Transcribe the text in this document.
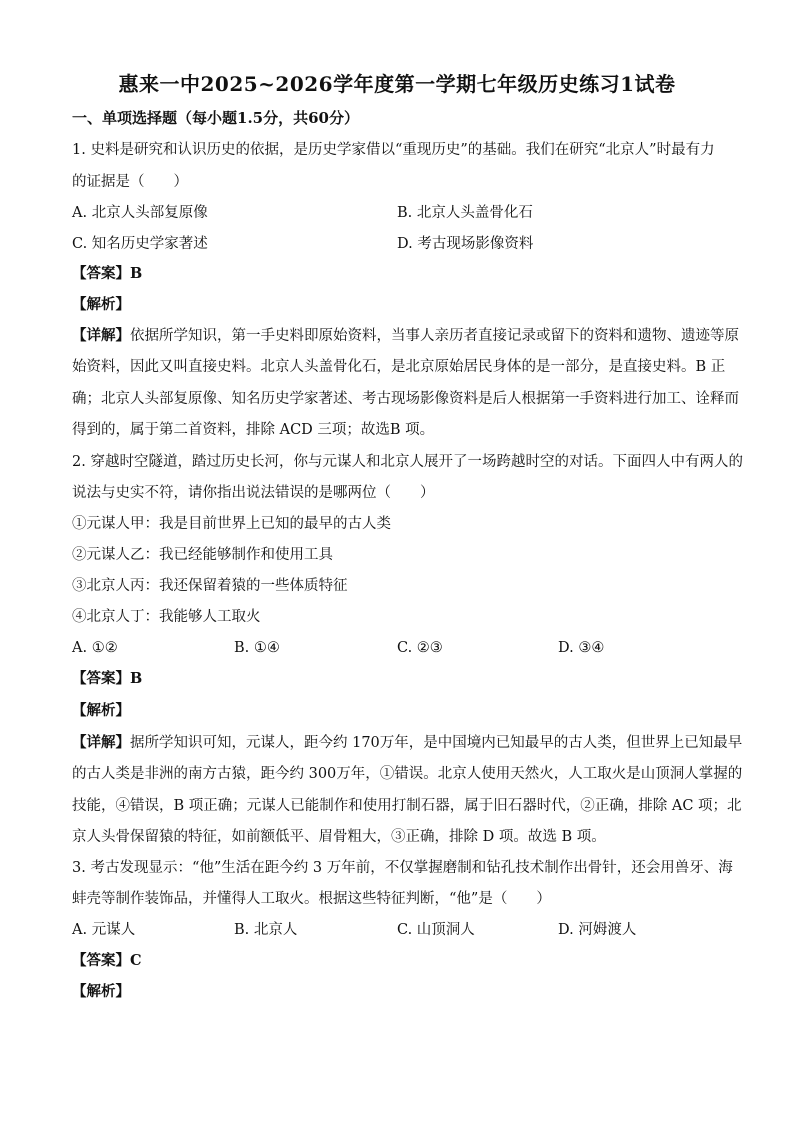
惠来一中2025~2026学年度第一学期七年级历史练习1试卷
一、单项选择题（每小题1.5分，共60分）
1. 史料是研究和认识历史的依据，是历史学家借以“重现历史”的基础。我们在研究“北京人”时最有力
的证据是（　　）
A. 北京人头部复原像	B. 北京人头盖骨化石
C. 知名历史学家著述	D. 考古现场影像资料
【答案】B
【解析】
【详解】依据所学知识，第一手史料即原始资料，当事人亲历者直接记录或留下的资料和遗物、遗迹等原
始资料，因此又叫直接史料。北京人头盖骨化石，是北京原始居民身体的是一部分，是直接史料。B 正
确；北京人头部复原像、知名历史学家著述、考古现场影像资料是后人根据第一手资料进行加工、诠释而
得到的，属于第二首资料，排除 ACD 三项；故选B 项。
2. 穿越时空隧道，踏过历史长河，你与元谋人和北京人展开了一场跨越时空的对话。下面四人中有两人的
说法与史实不符，请你指出说法错误的是哪两位（　　）
①元谋人甲：我是目前世界上已知的最早的古人类
②元谋人乙：我已经能够制作和使用工具
③北京人丙：我还保留着猿的一些体质特征
④北京人丁：我能够人工取火
A. ①②	B. ①④	C. ②③	D. ③④
【答案】B
【解析】
【详解】据所学知识可知，元谋人，距今约 170万年，是中国境内已知最早的古人类，但世界上已知最早
的古人类是非洲的南方古猿，距今约 300万年，①错误。北京人使用天然火，人工取火是山顶洞人掌握的
技能，④错误，B 项正确；元谋人已能制作和使用打制石器，属于旧石器时代，②正确，排除 AC 项；北
京人头骨保留猿的特征，如前额低平、眉骨粗大，③正确，排除 D 项。故选 B 项。
3. 考古发现显示：“他”生活在距今约 3 万年前，不仅掌握磨制和钻孔技术制作出骨针，还会用兽牙、海
蚌壳等制作装饰品，并懂得人工取火。根据这些特征判断，“他”是（　　）
A. 元谋人	B. 北京人	C. 山顶洞人	D. 河姆渡人
【答案】C
【解析】
